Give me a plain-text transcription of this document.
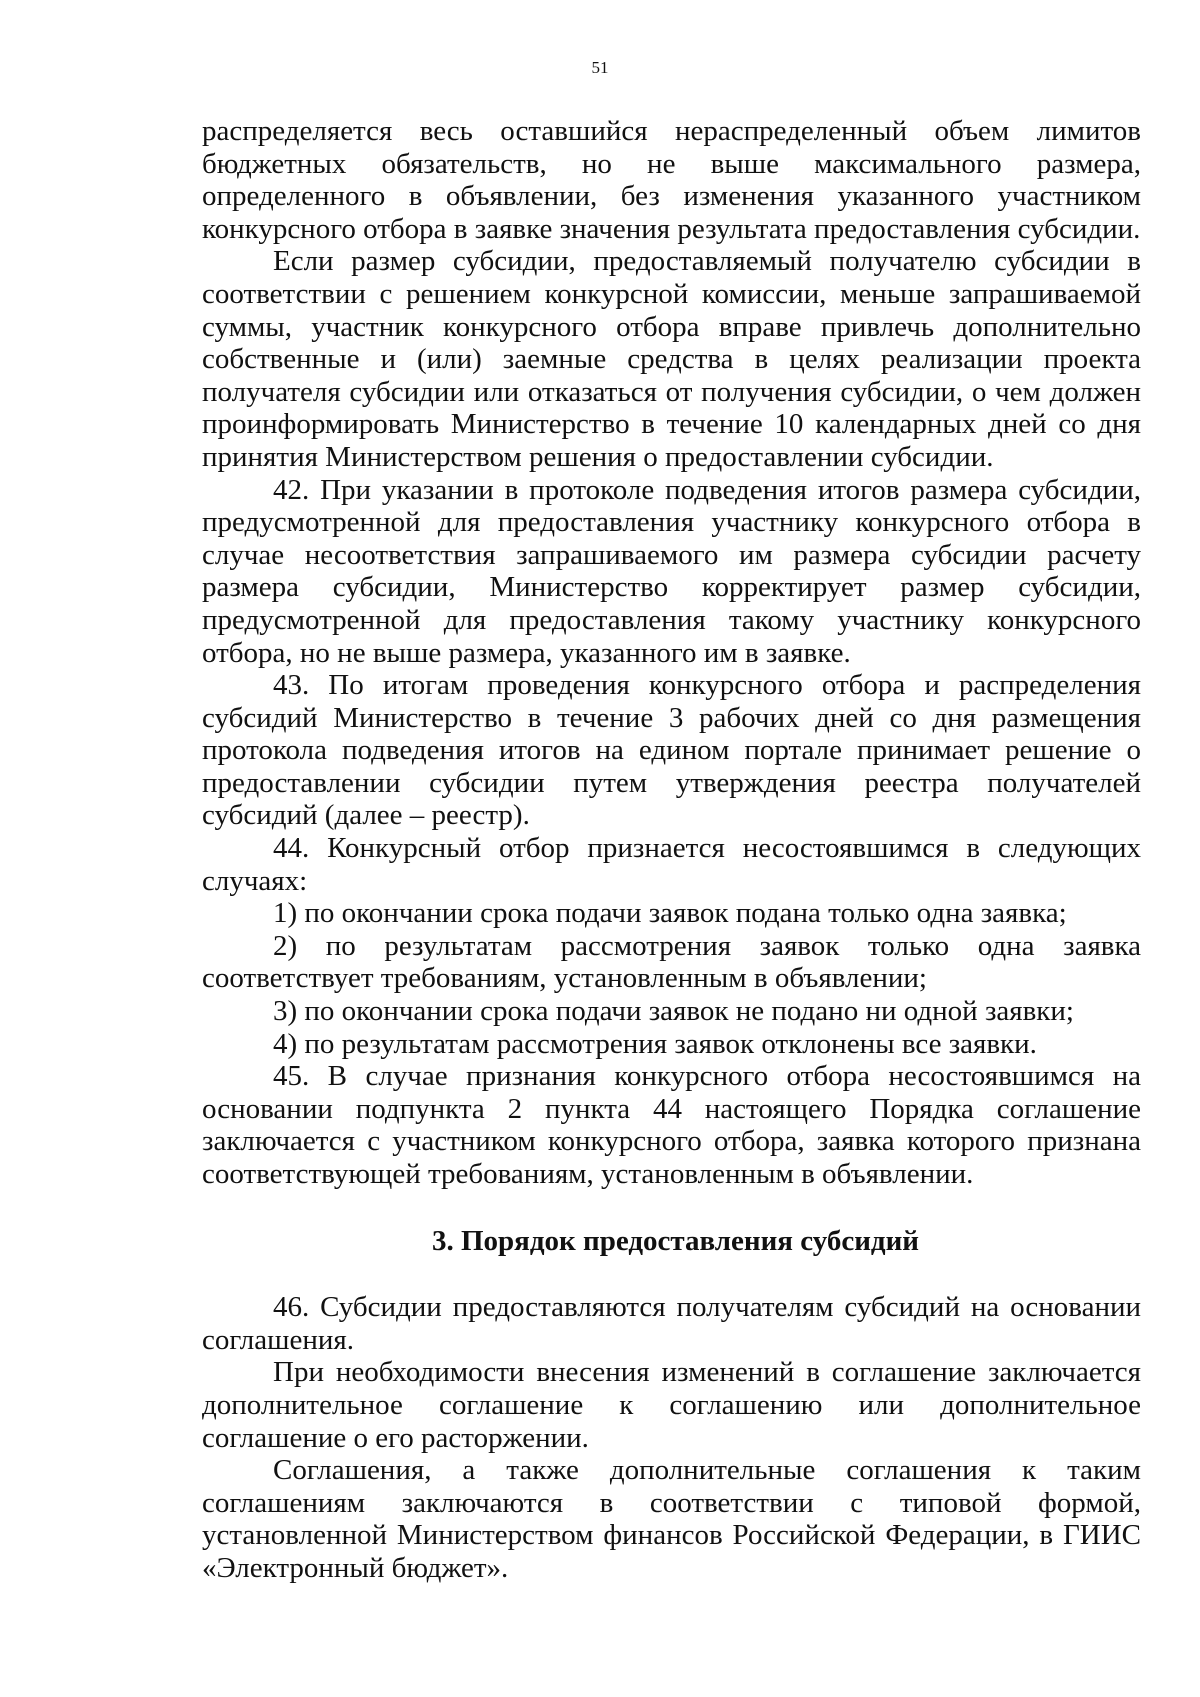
51

распределяется весь оставшийся нераспределенный объем лимитов бюджетных обязательств, но не выше максимального размера, определенного в объявлении, без изменения указанного участником конкурсного отбора в заявке значения результата предоставления субсидии.

Если размер субсидии, предоставляемый получателю субсидии в соответствии с решением конкурсной комиссии, меньше запрашиваемой суммы, участник конкурсного отбора вправе привлечь дополнительно собственные и (или) заемные средства в целях реализации проекта получателя субсидии или отказаться от получения субсидии, о чем должен проинформировать Министерство в течение 10 календарных дней со дня принятия Министерством решения о предоставлении субсидии.

42. При указании в протоколе подведения итогов размера субсидии, предусмотренной для предоставления участнику конкурсного отбора в случае несоответствия запрашиваемого им размера субсидии расчету размера субсидии, Министерство корректирует размер субсидии, предусмотренной для предоставления такому участнику конкурсного отбора, но не выше размера, указанного им в заявке.

43. По итогам проведения конкурсного отбора и распределения субсидий Министерство в течение 3 рабочих дней со дня размещения протокола подведения итогов на едином портале принимает решение о предоставлении субсидии путем утверждения реестра получателей субсидий (далее – реестр).

44. Конкурсный отбор признается несостоявшимся в следующих случаях:

1) по окончании срока подачи заявок подана только одна заявка;

2) по результатам рассмотрения заявок только одна заявка соответствует требованиям, установленным в объявлении;

3) по окончании срока подачи заявок не подано ни одной заявки;

4) по результатам рассмотрения заявок отклонены все заявки.

45. В случае признания конкурсного отбора несостоявшимся на основании подпункта 2 пункта 44 настоящего Порядка соглашение заключается с участником конкурсного отбора, заявка которого признана соответствующей требованиям, установленным в объявлении.

3. Порядок предоставления субсидий

46. Субсидии предоставляются получателям субсидий на основании соглашения.

При необходимости внесения изменений в соглашение заключается дополнительное соглашение к соглашению или дополнительное соглашение о его расторжении.

Соглашения, а также дополнительные соглашения к таким соглашениям заключаются в соответствии с типовой формой, установленной Министерством финансов Российской Федерации, в ГИИС «Электронный бюджет».
